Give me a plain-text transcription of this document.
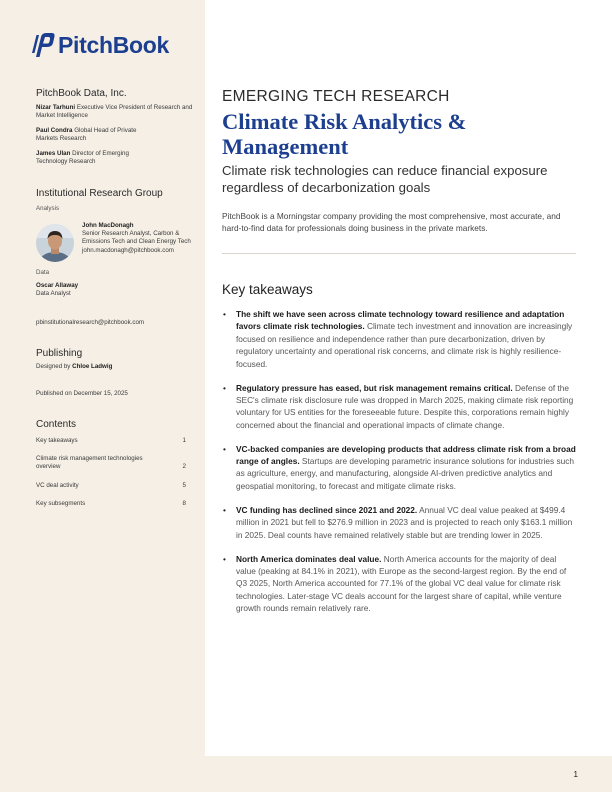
PitchBook
PitchBook Data, Inc.
Nizar Tarhuni Executive Vice President of Research and Market Intelligence
Paul Condra Global Head of Private Markets Research
James Ulan Director of Emerging Technology Research
Institutional Research Group
Analysis
John MacDonagh
Senior Research Analyst, Carbon & Emissions Tech and Clean Energy Tech
john.macdonagh@pitchbook.com
Data
Oscar Allaway
Data Analyst
pbinstitutionalresearch@pitchbook.com
Publishing
Designed by Chloe Ladwig
Published on December 15, 2025
Contents
Key takeaways	1
Climate risk management technologies overview	2
VC deal activity	5
Key subsegments	8
EMERGING TECH RESEARCH
Climate Risk Analytics &
Management
Climate risk technologies can reduce financial exposure regardless of decarbonization goals
PitchBook is a Morningstar company providing the most comprehensive, most accurate, and hard-to-find data for professionals doing business in the private markets.
Key takeaways
• The shift we have seen across climate technology toward resilience and adaptation favors climate risk technologies. Climate tech investment and innovation are increasingly focused on resilience and independence rather than pure decarbonization, driven by regulatory uncertainty and operational risk concerns, and climate risk is highly resilience-focused.
• Regulatory pressure has eased, but risk management remains critical. Defense of the SEC's climate risk disclosure rule was dropped in March 2025, making climate risk reporting voluntary for US entities for the foreseeable future. Despite this, corporations remain highly concerned about the financial and operational impacts of climate change.
• VC-backed companies are developing products that address climate risk from a broad range of angles. Startups are developing parametric insurance solutions for industries such as agriculture, energy, and manufacturing, alongside AI-driven predictive analytics and geospatial monitoring, to forecast and mitigate climate risks.
• VC funding has declined since 2021 and 2022. Annual VC deal value peaked at $499.4 million in 2021 but fell to $276.9 million in 2023 and is projected to reach only $163.1 million in 2025. Deal counts have remained relatively stable but are trending lower in 2025.
• North America dominates deal value. North America accounts for the majority of deal value (peaking at 84.1% in 2021), with Europe as the second-largest region. By the end of Q3 2025, North America accounted for 77.1% of the global VC deal value for climate risk technologies. Later-stage VC deals account for the largest share of capital, while venture growth rounds remain relatively rare.
1
